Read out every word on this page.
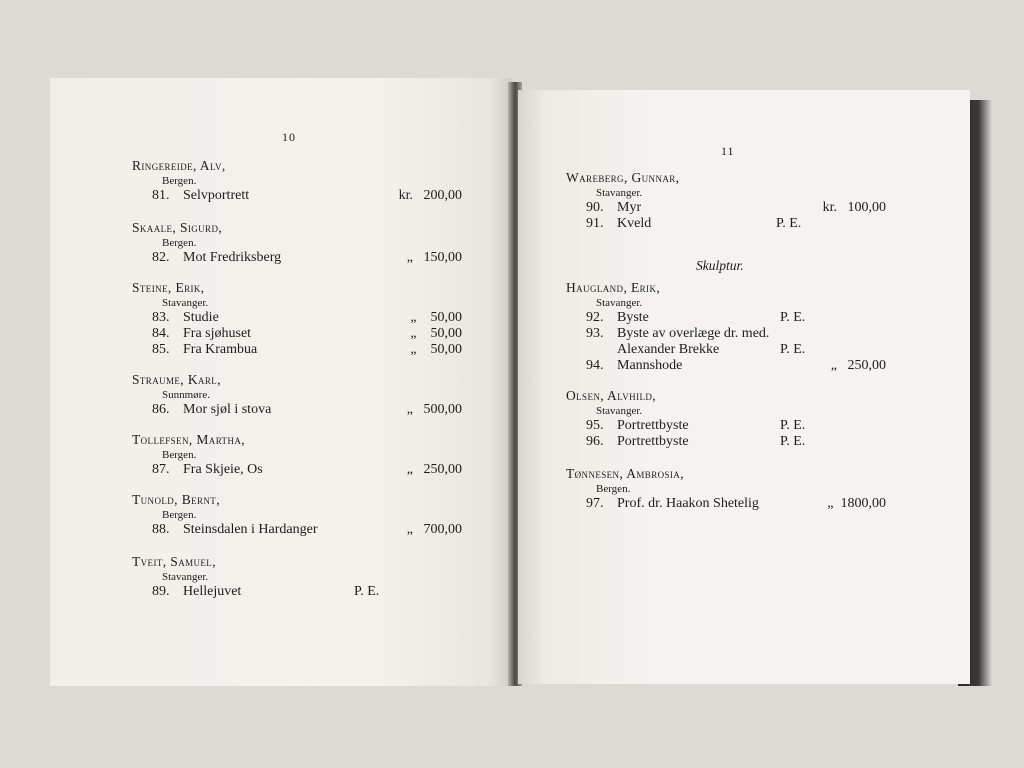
10
Ringereide, Alv,
Bergen.
81. Selvportrett	kr.   200,00
Skaale, Sigurd,
Bergen.
82. Mot Fredriksberg	„   150,00
Steine, Erik,
Stavanger.
83. Studie	„    50,00
84. Fra sjøhuset	„    50,00
85. Fra Krambua	„    50,00
Straume, Karl,
Sunnmøre.
86. Mor sjøl i stova	„   500,00
Tollefsen, Martha,
Bergen.
87. Fra Skjeie, Os	„   250,00
Tunold, Bernt,
Bergen.
88. Steinsdalen i Hardanger	„   700,00
Tveit, Samuel,
Stavanger.
89. Hellejuvet	P. E.
11
Wareberg, Gunnar,
Stavanger.
90. Myr	kr.   100,00
91. Kveld	P. E.
Skulptur.
Haugland, Erik,
Stavanger.
92. Byste	P. E.
93. Byste av overlæge dr. med.
Alexander Brekke	P. E.
94. Mannshode	„   250,00
Olsen, Alvhild,
Stavanger.
95. Portrettbyste	P. E.
96. Portrettbyste	P. E.
Tønnesen, Ambrosia,
Bergen.
97. Prof. dr. Haakon Shetelig	„  1800,00
